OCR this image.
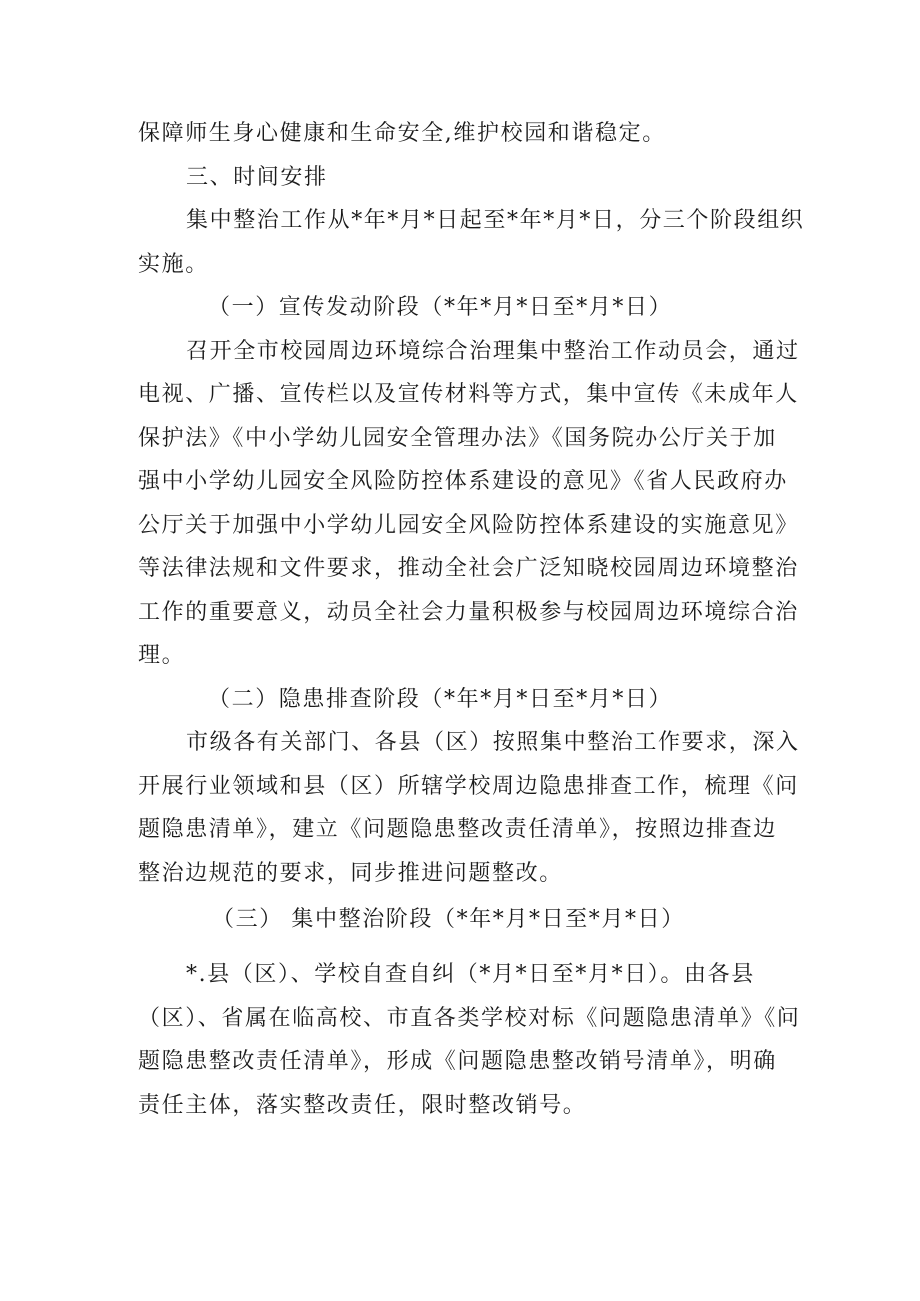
保障师生身心健康和生命安全,维护校园和谐稳定。
三、时间安排
集中整治工作从*年*月*日起至*年*月*日，分三个阶段组织
实施。
（一）宣传发动阶段（*年*月*日至*月*日）
召开全市校园周边环境综合治理集中整治工作动员会，通过
电视、广播、宣传栏以及宣传材料等方式，集中宣传《未成年人
保护法》《中小学幼儿园安全管理办法》《国务院办公厅关于加
强中小学幼儿园安全风险防控体系建设的意见》《省人民政府办
公厅关于加强中小学幼儿园安全风险防控体系建设的实施意见》
等法律法规和文件要求，推动全社会广泛知晓校园周边环境整治
工作的重要意义，动员全社会力量积极参与校园周边环境综合治
理。
（二）隐患排查阶段（*年*月*日至*月*日）
市级各有关部门、各县（区）按照集中整治工作要求，深入
开展行业领域和县（区）所辖学校周边隐患排查工作，梳理《问
题隐患清单》，建立《问题隐患整改责任清单》，按照边排查边
整治边规范的要求，同步推进问题整改。
（三） 集中整治阶段（*年*月*日至*月*日）
*.县（区）、学校自查自纠（*月*日至*月*日）。由各县
（区）、省属在临高校、市直各类学校对标《问题隐患清单》《问
题隐患整改责任清单》，形成《问题隐患整改销号清单》，明确
责任主体，落实整改责任，限时整改销号。
